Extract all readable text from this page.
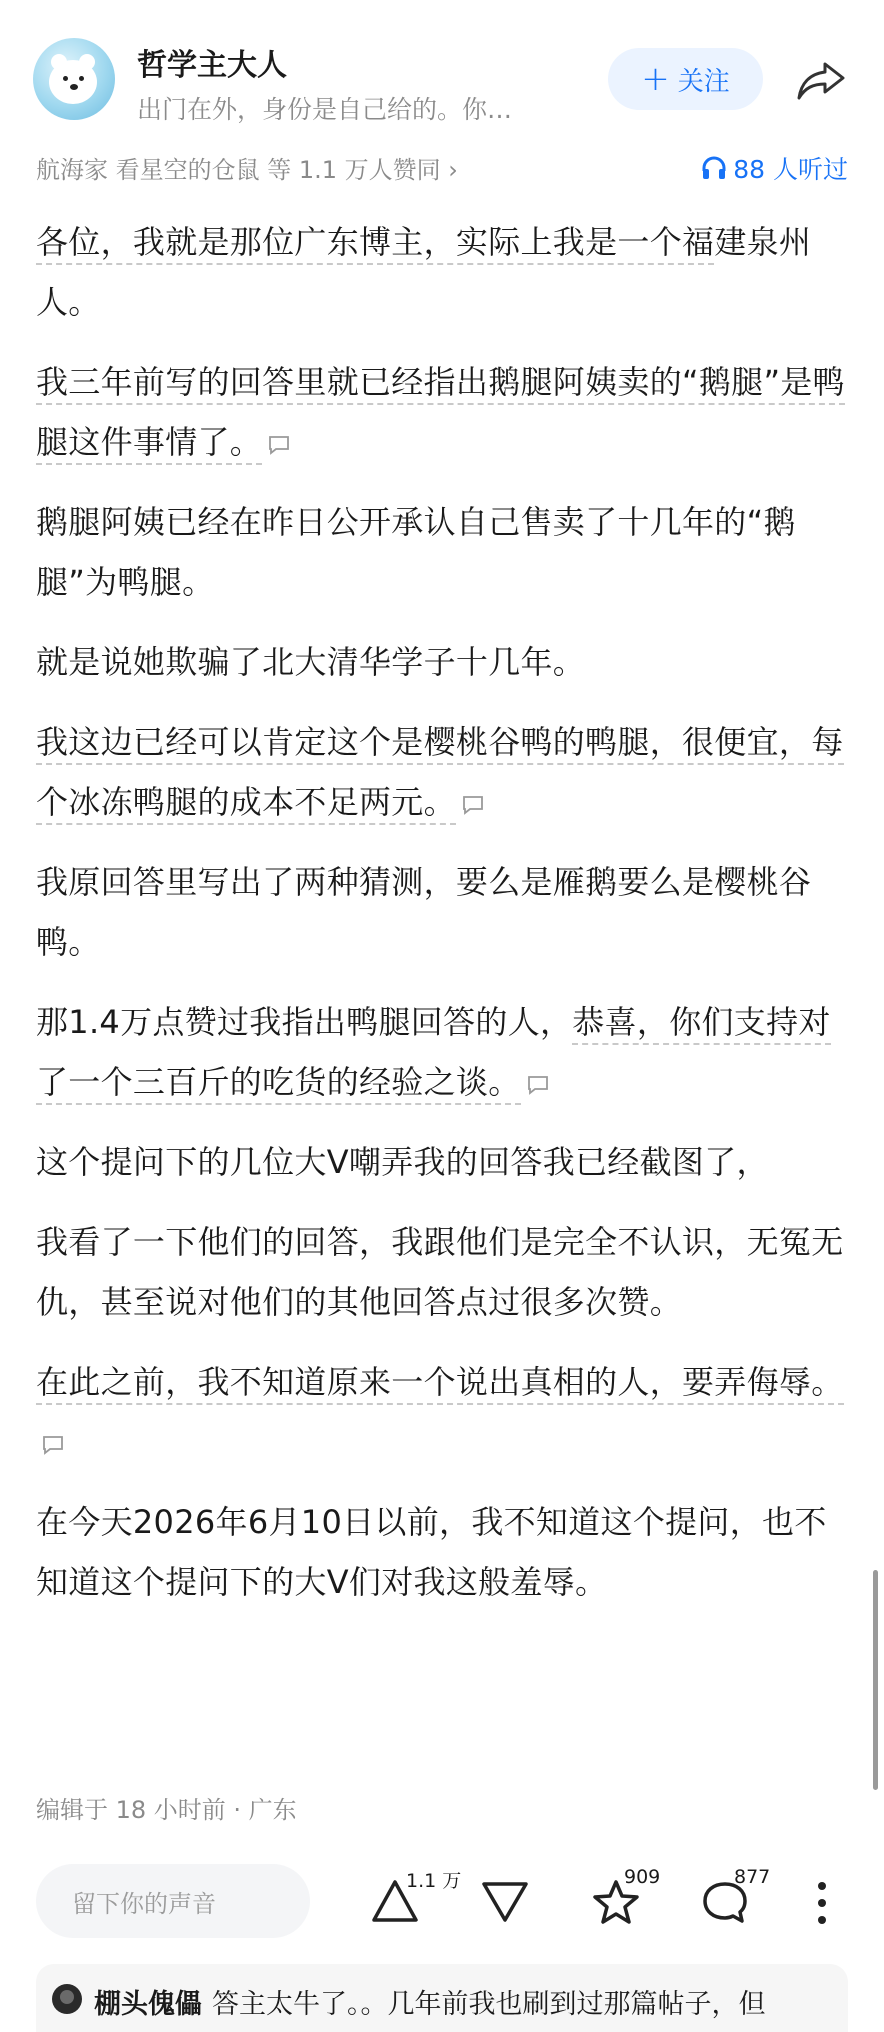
哲学主大人
出门在外，身份是自己给的。你…
+ 关注
航海家 看星空的仓鼠 等 1.1 万人赞同 ›	88 人听过

各位，我就是那位广东博主，实际上我是一个福建泉州人。

我三年前写的回答里就已经指出鹅腿阿姨卖的“鹅腿”是鸭腿这件事情了。

鹅腿阿姨已经在昨日公开承认自己售卖了十几年的“鹅腿”为鸭腿。

就是说她欺骗了北大清华学子十几年。

我这边已经可以肯定这个是樱桃谷鸭的鸭腿，很便宜，每个冰冻鸭腿的成本不足两元。

我原回答里写出了两种猜测，要么是雁鹅要么是樱桃谷鸭。

那1.4万点赞过我指出鸭腿回答的人，恭喜，你们支持对了一个三百斤的吃货的经验之谈。

这个提问下的几位大V嘲弄我的回答我已经截图了，

我看了一下他们的回答，我跟他们是完全不认识，无冤无仇，甚至说对他们的其他回答点过很多次赞。

在此之前，我不知道原来一个说出真相的人，要弄侮辱。

在今天2026年6月10日以前，我不知道这个提问，也不知道这个提问下的大V们对我这般羞辱。

编辑于 18 小时前 · 广东
留下你的声音
1.1 万	909	877
棚头傀儡 答主太牛了。。几年前我也刷到过那篇帖子，但
